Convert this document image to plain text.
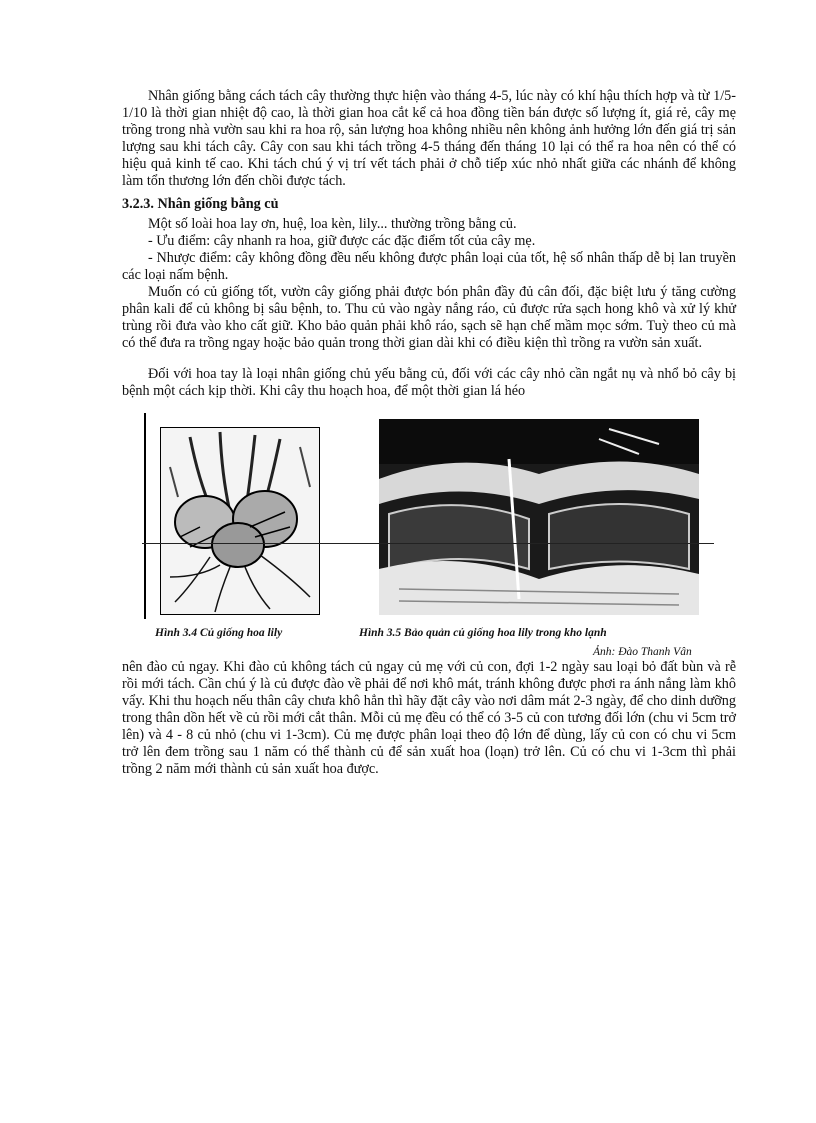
Nhân giống bằng cách tách cây thường thực hiện vào tháng 4-5, lúc này có khí hậu thích hợp và từ 1/5-1/10 là thời gian nhiệt độ cao, là thời gian hoa cắt kể cả hoa đồng tiền bán được số lượng ít, giá rẻ, cây mẹ trồng trong nhà vườn sau khi ra hoa rộ, sản lượng hoa không nhiều nên không ảnh hưởng lớn đến giá trị sản lượng sau khi tách cây. Cây con sau khi tách trồng 4-5 tháng đến tháng 10 lại có thể ra hoa nên có thể có hiệu quả kinh tế cao. Khi tách chú ý vị trí vết tách phải ở chỗ tiếp xúc nhỏ nhất giữa các nhánh để không làm tổn thương lớn đến chồi được tách.

3.2.3. Nhân giống bằng củ

Một số loài hoa lay ơn, huệ, loa kèn, lily... thường trồng bằng củ.

- Ưu điểm: cây nhanh ra hoa, giữ được các đặc điểm tốt của cây mẹ.

- Nhược điểm: cây không đồng đều nếu không được phân loại của tốt, hệ số nhân thấp dễ bị lan truyền các loại nấm bệnh.

Muốn có củ giống tốt, vườn cây giống phải được bón phân đầy đủ cân đối, đặc biệt lưu ý tăng cường phân kali để củ không bị sâu bệnh, to. Thu củ vào ngày nắng ráo, củ được rửa sạch hong khô và xử lý khử trùng rồi đưa vào kho cất giữ. Kho bảo quản phải khô ráo, sạch sẽ hạn chế mầm mọc sớm. Tuỳ theo củ mà có thể đưa ra trồng ngay hoặc bảo quản trong thời gian dài khi có điều kiện thì trồng ra vườn sản xuất.

Đối với hoa tay là loại nhân giống chủ yếu bằng củ, đối với các cây nhỏ cần ngắt nụ và nhổ bỏ cây bị bệnh một cách kịp thời. Khi cây thu hoạch hoa, để một thời gian lá héo

Hình 3.4 Củ giống hoa lily	Hình 3.5 Bảo quản củ giống hoa lily trong kho lạnh
Ảnh: Đào Thanh Vân

nên đào củ ngay. Khi đào củ không tách củ ngay củ mẹ với củ con, đợi 1-2 ngày sau loại bỏ đất bùn và rễ rồi mới tách. Cần chú ý là củ được đào về phải để nơi khô mát, tránh không được phơi ra ánh nắng làm khô vẩy. Khi thu hoạch nếu thân cây chưa khô hẳn thì hãy đặt cây vào nơi dâm mát 2-3 ngày, để cho dinh dưỡng trong thân dồn hết về củ rồi mới cắt thân. Mỗi củ mẹ đều có thể có 3-5 củ con tương đối lớn (chu vi 5cm trở lên) và 4 - 8 củ nhỏ (chu vi 1-3cm). Củ mẹ được phân loại theo độ lớn để dùng, lấy củ con có chu vi 5cm trở lên đem trồng sau 1 năm có thể thành củ để sản xuất hoa (loạn) trở lên. Củ có chu vi 1-3cm thì phải trồng 2 năm mới thành củ sản xuất hoa được.
